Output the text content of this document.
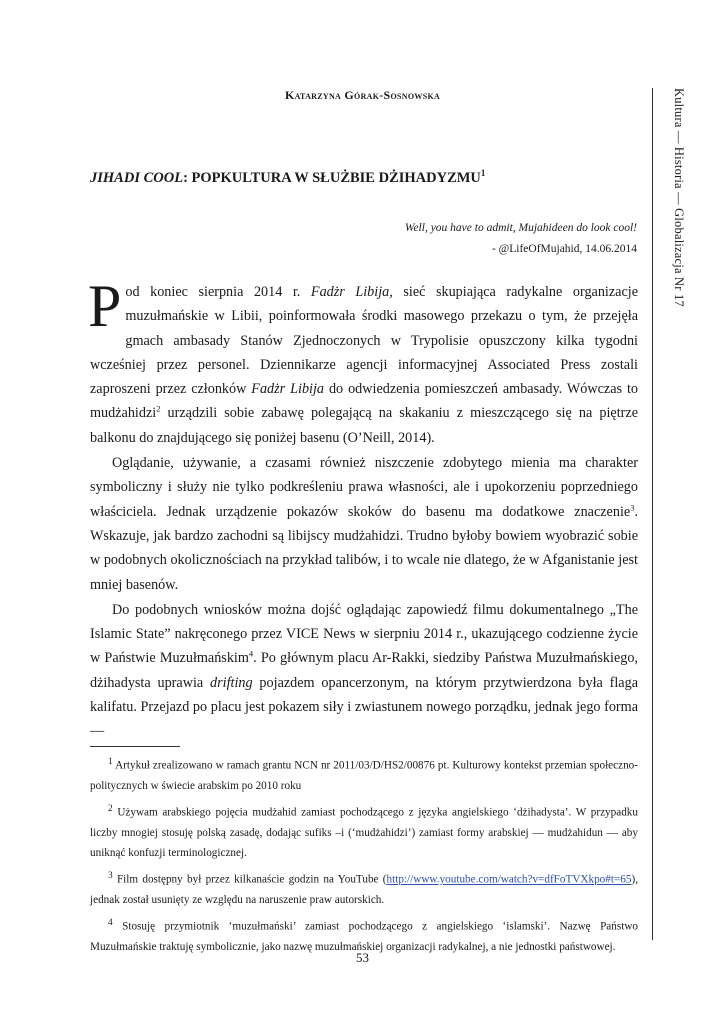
Katarzyna Górak-Sosnowska	Kultura — Historia — Globalizacja Nr 17
JIHADI COOL: POPKULTURA W SŁUŻBIE DŻIHADYZMU$^1$
Well, you have to admit, Mujahideen do look cool!
- @LifeOfMujahid, 14.06.2014

Pod koniec sierpnia 2014 r. Fadżr Libija, sieć skupiająca radykalne organizacje muzułmańskie w Libii, poinformowała środki masowego przekazu o tym, że przejęła gmach ambasady Stanów Zjednoczonych w Trypolisie opuszczony kilka tygodni wcześniej przez personel. Dziennikarze agencji informacyjnej Associated Press zostali zaproszeni przez członków Fadżr Libija do odwiedzenia pomieszczeń ambasady. Wówczas to mudżahidzi$^2$ urządzili sobie zabawę polegającą na skakaniu z mieszczącego się na piętrze balkonu do znajdującego się poniżej basenu (O’Neill, 2014).

Oglądanie, używanie, a czasami również niszczenie zdobytego mienia ma charakter symboliczny i służy nie tylko podkreśleniu prawa własności, ale i upokorzeniu poprzedniego właściciela. Jednak urządzenie pokazów skoków do basenu ma dodatkowe znaczenie$^3$. Wskazuje, jak bardzo zachodni są libijscy mudżahidzi. Trudno byłoby bowiem wyobrazić sobie w podobnych okolicznościach na przykład talibów, i to wcale nie dlatego, że w Afganistanie jest mniej basenów.

Do podobnych wniosków można dojść oglądając zapowiedź filmu dokumentalnego „The Islamic State” nakręconego przez VICE News w sierpniu 2014 r., ukazującego codzienne życie w Państwie Muzułmańskim$^4$. Po głównym placu Ar-Rakki, siedziby Państwa Muzułmańskiego, dżihadysta uprawia drifting pojazdem opancerzonym, na którym przytwierdzona była flaga kalifatu. Przejazd po placu jest pokazem siły i zwiastunem nowego porządku, jednak jego forma —

$^1$ Artykuł zrealizowano w ramach grantu NCN nr 2011/03/D/HS2/00876 pt. Kulturowy kontekst przemian społeczno-politycznych w świecie arabskim po 2010 roku

$^2$ Używam arabskiego pojęcia mudżahid zamiast pochodzącego z języka angielskiego ‘dżihadysta’. W przypadku liczby mnogiej stosuję polską zasadę, dodając sufiks –i (‘mudżahidzi’) zamiast formy arabskiej — mudżahidun — aby uniknąć konfuzji terminologicznej.

$^3$ Film dostępny był przez kilkanaście godzin na YouTube (http://www.youtube.com/watch?v=dfFoTVXkpo#t=65), jednak został usunięty ze względu na naruszenie praw autorskich.

$^4$ Stosuję przymiotnik ‘muzułmański’ zamiast pochodzącego z angielskiego ‘islamski’. Nazwę Państwo Muzułmańskie traktuję symbolicznie, jako nazwę muzułmańskiej organizacji radykalnej, a nie jednostki państwowej.

53
